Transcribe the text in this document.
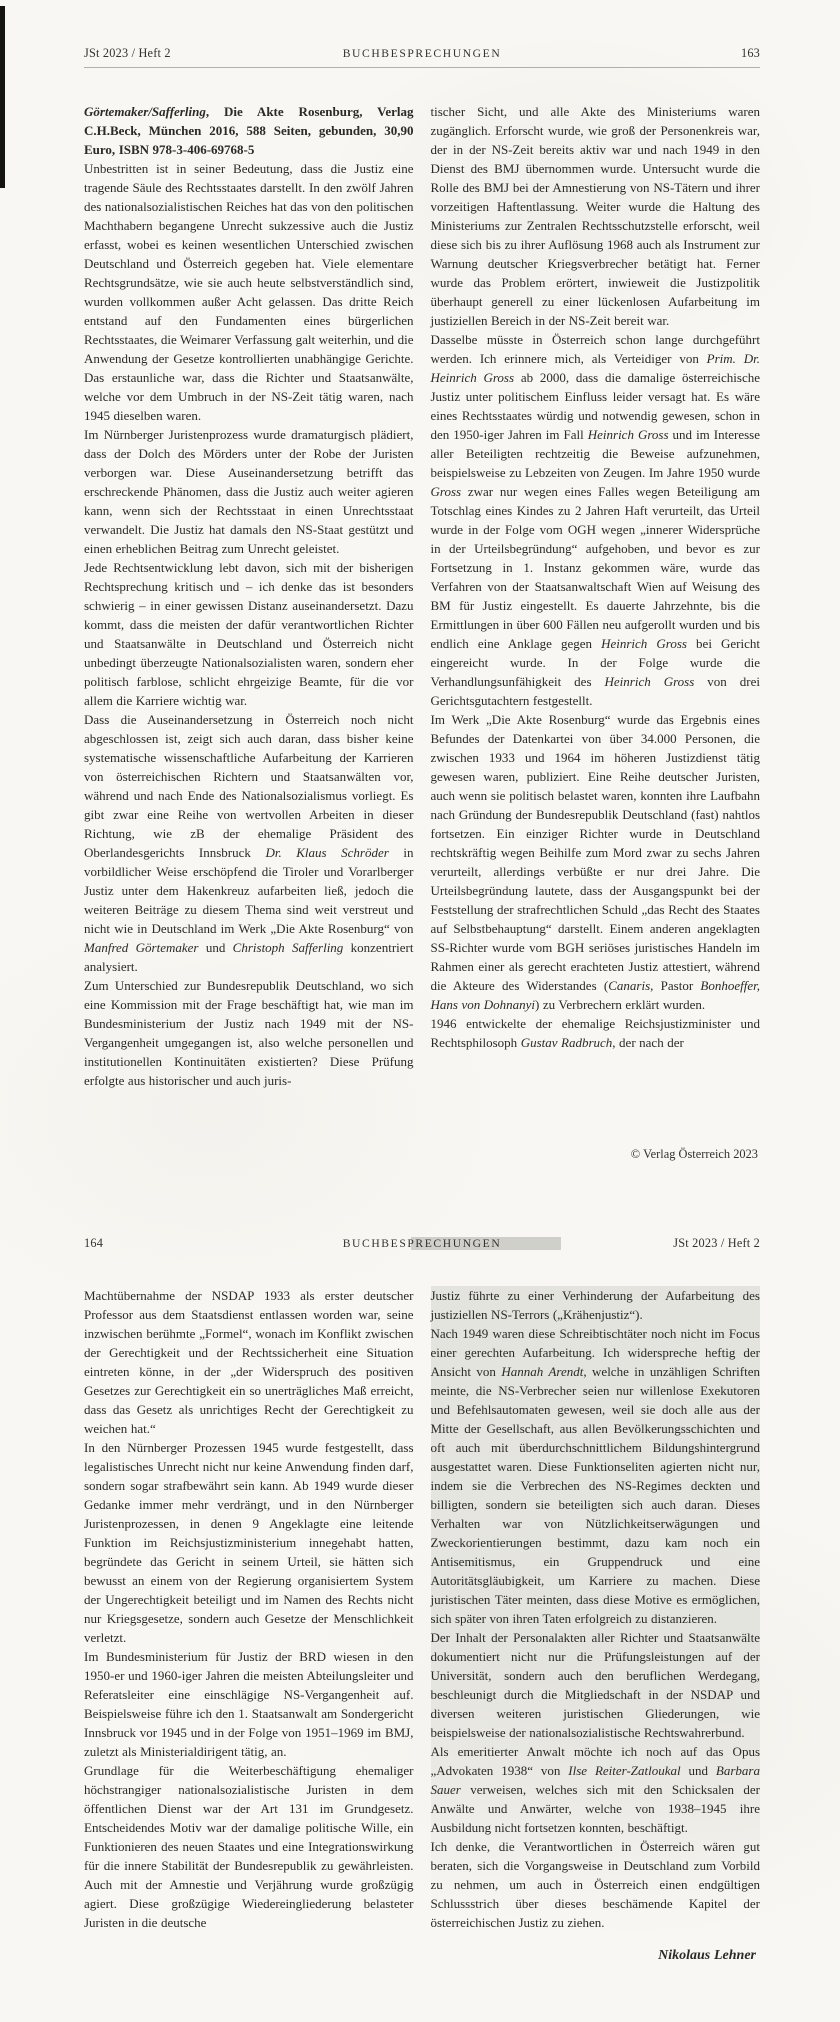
JSt 2023 / Heft 2	BUCHBESPRECHUNGEN	163

Görtemaker/Safferling, Die Akte Rosenburg, Verlag C.H.Beck, München 2016, 588 Seiten, gebunden, 30,90 Euro, ISBN 978-3-406-69768-5

Unbestritten ist in seiner Bedeutung, dass die Justiz eine tragende Säule des Rechtsstaates darstellt. In den zwölf Jahren des nationalsozialistischen Reiches hat das von den politischen Machthabern begangene Unrecht sukzessive auch die Justiz erfasst, wobei es keinen wesentlichen Unterschied zwischen Deutschland und Österreich gegeben hat. Viele elementare Rechtsgrundsätze, wie sie auch heute selbstverständlich sind, wurden vollkommen außer Acht gelassen. Das dritte Reich entstand auf den Fundamenten eines bürgerlichen Rechtsstaates, die Weimarer Verfassung galt weiterhin, und die Anwendung der Gesetze kontrollierten unabhängige Gerichte. Das erstaunliche war, dass die Richter und Staatsanwälte, welche vor dem Umbruch in der NS-Zeit tätig waren, nach 1945 dieselben waren.

Im Nürnberger Juristenprozess wurde dramaturgisch plädiert, dass der Dolch des Mörders unter der Robe der Juristen verborgen war. Diese Auseinandersetzung betrifft das erschreckende Phänomen, dass die Justiz auch weiter agieren kann, wenn sich der Rechtsstaat in einen Unrechtsstaat verwandelt. Die Justiz hat damals den NS-Staat gestützt und einen erheblichen Beitrag zum Unrecht geleistet.

Jede Rechtsentwicklung lebt davon, sich mit der bisherigen Rechtsprechung kritisch und – ich denke das ist besonders schwierig – in einer gewissen Distanz auseinandersetzt. Dazu kommt, dass die meisten der dafür verantwortlichen Richter und Staatsanwälte in Deutschland und Österreich nicht unbedingt überzeugte Nationalsozialisten waren, sondern eher politisch farblose, schlicht ehrgeizige Beamte, für die vor allem die Karriere wichtig war.

Dass die Auseinandersetzung in Österreich noch nicht abgeschlossen ist, zeigt sich auch daran, dass bisher keine systematische wissenschaftliche Aufarbeitung der Karrieren von österreichischen Richtern und Staatsanwälten vor, während und nach Ende des Nationalsozialismus vorliegt. Es gibt zwar eine Reihe von wertvollen Arbeiten in dieser Richtung, wie zB der ehemalige Präsident des Oberlandesgerichts Innsbruck Dr. Klaus Schröder in vorbildlicher Weise erschöpfend die Tiroler und Vorarlberger Justiz unter dem Hakenkreuz aufarbeiten ließ, jedoch die weiteren Beiträge zu diesem Thema sind weit verstreut und nicht wie in Deutschland im Werk „Die Akte Rosenburg“ von Manfred Görtemaker und Christoph Safferling konzentriert analysiert.

Zum Unterschied zur Bundesrepublik Deutschland, wo sich eine Kommission mit der Frage beschäftigt hat, wie man im Bundesministerium der Justiz nach 1949 mit der NS-Vergangenheit umgegangen ist, also welche personellen und institutionellen Kontinuitäten existierten? Diese Prüfung erfolgte aus historischer und auch juris-

tischer Sicht, und alle Akte des Ministeriums waren zugänglich. Erforscht wurde, wie groß der Personenkreis war, der in der NS-Zeit bereits aktiv war und nach 1949 in den Dienst des BMJ übernommen wurde. Untersucht wurde die Rolle des BMJ bei der Amnestierung von NS-Tätern und ihrer vorzeitigen Haftentlassung. Weiter wurde die Haltung des Ministeriums zur Zentralen Rechtsschutzstelle erforscht, weil diese sich bis zu ihrer Auflösung 1968 auch als Instrument zur Warnung deutscher Kriegsverbrecher betätigt hat. Ferner wurde das Problem erörtert, inwieweit die Justizpolitik überhaupt generell zu einer lückenlosen Aufarbeitung im justiziellen Bereich in der NS-Zeit bereit war.

Dasselbe müsste in Österreich schon lange durchgeführt werden. Ich erinnere mich, als Verteidiger von Prim. Dr. Heinrich Gross ab 2000, dass die damalige österreichische Justiz unter politischem Einfluss leider versagt hat. Es wäre eines Rechtsstaates würdig und notwendig gewesen, schon in den 1950-iger Jahren im Fall Heinrich Gross und im Interesse aller Beteiligten rechtzeitig die Beweise aufzunehmen, beispielsweise zu Lebzeiten von Zeugen. Im Jahre 1950 wurde Gross zwar nur wegen eines Falles wegen Beteiligung am Totschlag eines Kindes zu 2 Jahren Haft verurteilt, das Urteil wurde in der Folge vom OGH wegen „innerer Widersprüche in der Urteilsbegründung“ aufgehoben, und bevor es zur Fortsetzung in 1. Instanz gekommen wäre, wurde das Verfahren von der Staatsanwaltschaft Wien auf Weisung des BM für Justiz eingestellt. Es dauerte Jahrzehnte, bis die Ermittlungen in über 600 Fällen neu aufgerollt wurden und bis endlich eine Anklage gegen Heinrich Gross bei Gericht eingereicht wurde. In der Folge wurde die Verhandlungsunfähigkeit des Heinrich Gross von drei Gerichtsgutachtern festgestellt.

Im Werk „Die Akte Rosenburg“ wurde das Ergebnis eines Befundes der Datenkartei von über 34.000 Personen, die zwischen 1933 und 1964 im höheren Justizdienst tätig gewesen waren, publiziert. Eine Reihe deutscher Juristen, auch wenn sie politisch belastet waren, konnten ihre Laufbahn nach Gründung der Bundesrepublik Deutschland (fast) nahtlos fortsetzen. Ein einziger Richter wurde in Deutschland rechtskräftig wegen Beihilfe zum Mord zwar zu sechs Jahren verurteilt, allerdings verbüßte er nur drei Jahre. Die Urteilsbegründung lautete, dass der Ausgangspunkt bei der Feststellung der strafrechtlichen Schuld „das Recht des Staates auf Selbstbehauptung“ darstellt. Einem anderen angeklagten SS-Richter wurde vom BGH seriöses juristisches Handeln im Rahmen einer als gerecht erachteten Justiz attestiert, während die Akteure des Widerstandes (Canaris, Pastor Bonhoeffer, Hans von Dohnanyi) zu Verbrechern erklärt wurden.

1946 entwickelte der ehemalige Reichsjustizminister und Rechtsphilosoph Gustav Radbruch, der nach der

© Verlag Österreich 2023
164	BUCHBESPRECHUNGEN	JSt 2023 / Heft 2

Machtübernahme der NSDAP 1933 als erster deutscher Professor aus dem Staatsdienst entlassen worden war, seine inzwischen berühmte „Formel“, wonach im Konflikt zwischen der Gerechtigkeit und der Rechtssicherheit eine Situation eintreten könne, in der „der Widerspruch des positiven Gesetzes zur Gerechtigkeit ein so unerträgliches Maß erreicht, dass das Gesetz als unrichtiges Recht der Gerechtigkeit zu weichen hat.“

In den Nürnberger Prozessen 1945 wurde festgestellt, dass legalistisches Unrecht nicht nur keine Anwendung finden darf, sondern sogar strafbewährt sein kann. Ab 1949 wurde dieser Gedanke immer mehr verdrängt, und in den Nürnberger Juristenprozessen, in denen 9 Angeklagte eine leitende Funktion im Reichsjustizministerium innegehabt hatten, begründete das Gericht in seinem Urteil, sie hätten sich bewusst an einem von der Regierung organisiertem System der Ungerechtigkeit beteiligt und im Namen des Rechts nicht nur Kriegsgesetze, sondern auch Gesetze der Menschlichkeit verletzt.

Im Bundesministerium für Justiz der BRD wiesen in den 1950-er und 1960-iger Jahren die meisten Abteilungsleiter und Referatsleiter eine einschlägige NS-Vergangenheit auf. Beispielsweise führe ich den 1. Staatsanwalt am Sondergericht Innsbruck vor 1945 und in der Folge von 1951–1969 im BMJ, zuletzt als Ministerialdirigent tätig, an.

Grundlage für die Weiterbeschäftigung ehemaliger höchstrangiger nationalsozialistische Juristen in dem öffentlichen Dienst war der Art 131 im Grundgesetz. Entscheidendes Motiv war der damalige politische Wille, ein Funktionieren des neuen Staates und eine Integrationswirkung für die innere Stabilität der Bundesrepublik zu gewährleisten. Auch mit der Amnestie und Verjährung wurde großzügig agiert. Diese großzügige Wiedereingliederung belasteter Juristen in die deutsche

Justiz führte zu einer Verhinderung der Aufarbeitung des justiziellen NS-Terrors („Krähenjustiz“).

Nach 1949 waren diese Schreibtischtäter noch nicht im Focus einer gerechten Aufarbeitung. Ich widerspreche heftig der Ansicht von Hannah Arendt, welche in unzähligen Schriften meinte, die NS-Verbrecher seien nur willenlose Exekutoren und Befehlsautomaten gewesen, weil sie doch alle aus der Mitte der Gesellschaft, aus allen Bevölkerungsschichten und oft auch mit überdurchschnittlichem Bildungshintergrund ausgestattet waren. Diese Funktionseliten agierten nicht nur, indem sie die Verbrechen des NS-Regimes deckten und billigten, sondern sie beteiligten sich auch daran. Dieses Verhalten war von Nützlichkeitserwägungen und Zweckorientierungen bestimmt, dazu kam noch ein Antisemitismus, ein Gruppendruck und eine Autoritätsgläubigkeit, um Karriere zu machen. Diese juristischen Täter meinten, dass diese Motive es ermöglichen, sich später von ihren Taten erfolgreich zu distanzieren.

Der Inhalt der Personalakten aller Richter und Staatsanwälte dokumentiert nicht nur die Prüfungsleistungen auf der Universität, sondern auch den beruflichen Werdegang, beschleunigt durch die Mitgliedschaft in der NSDAP und diversen weiteren juristischen Gliederungen, wie beispielsweise der nationalsozialistische Rechtswahrerbund.

Als emeritierter Anwalt möchte ich noch auf das Opus „Advokaten 1938“ von Ilse Reiter-Zatloukal und Barbara Sauer verweisen, welches sich mit den Schicksalen der Anwälte und Anwärter, welche von 1938–1945 ihre Ausbildung nicht fortsetzen konnten, beschäftigt.

Ich denke, die Verantwortlichen in Österreich wären gut beraten, sich die Vorgangsweise in Deutschland zum Vorbild zu nehmen, um auch in Österreich einen endgültigen Schlussstrich über dieses beschämende Kapitel der österreichischen Justiz zu ziehen.

Nikolaus Lehner
